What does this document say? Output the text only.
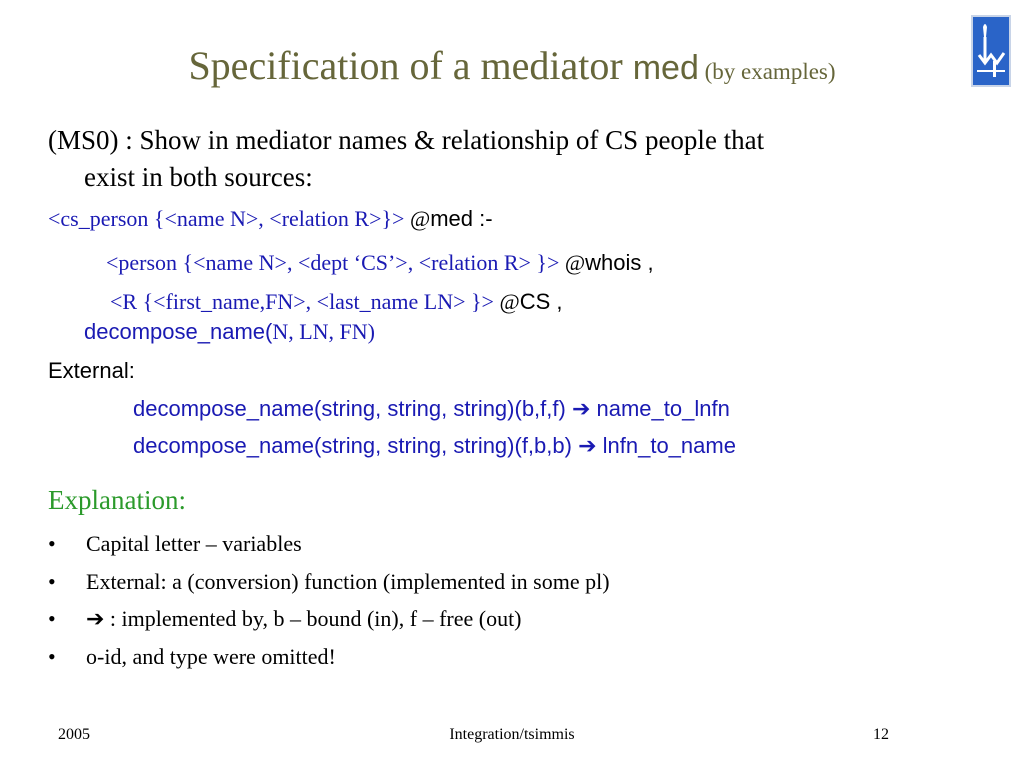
Specification of a mediator med (by examples)
(MS0) : Show in mediator names & relationship of CS people that
exist in both sources:
<cs_person {<name N>, <relation R>}> @med :-
<person {<name N>, <dept ‘CS’>, <relation R> }> @whois ,
<R {<first_name,FN>, <last_name LN> }> @CS ,
decompose_name(N, LN, FN)
External:
decompose_name(string, string, string)(b,f,f) ➔ name_to_lnfn
decompose_name(string, string, string)(f,b,b) ➔ lnfn_to_name
Explanation:
• Capital letter – variables
• External: a (conversion) function (implemented in some pl)
• ➔ : implemented by, b – bound (in), f – free (out)
• o-id, and type were omitted!
2005	Integration/tsimmis	12
